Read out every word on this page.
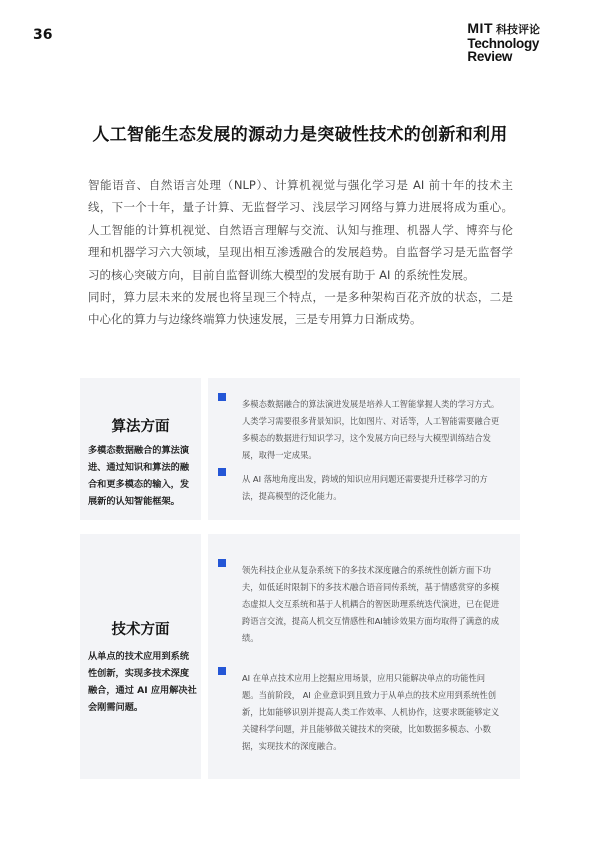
36	MIT 科技评论
Technology
Review
人工智能生态发展的源动力是突破性技术的创新和利用

智能语音、自然语言处理（NLP）、计算机视觉与强化学习是 AI 前十年的技术主线，下一个十年，量子计算、无监督学习、浅层学习网络与算力进展将成为重心。人工智能的计算机视觉、自然语言理解与交流、认知与推理、机器人学、博弈与伦理和机器学习六大领域，呈现出相互渗透融合的发展趋势。自监督学习是无监督学习的核心突破方向，目前自监督训练大模型的发展有助于 AI 的系统性发展。

同时，算力层未来的发展也将呈现三个特点，一是多种架构百花齐放的状态，二是中心化的算力与边缘终端算力快速发展，三是专用算力日渐成势。

算法方面
多模态数据融合的算法演进、通过知识和算法的融合和更多模态的输入，发展新的认知智能框架。
多模态数据融合的算法演进发展是培养人工智能掌握人类的学习方式。人类学习需要很多背景知识，比如图片、对话等，人工智能需要融合更多模态的数据进行知识学习，这个发展方向已经与大模型训练结合发展，取得一定成果。
从 AI 落地角度出发，跨域的知识应用问题还需要提升迁移学习的方法，提高模型的泛化能力。
技术方面
从单点的技术应用到系统性创新，实现多技术深度融合，通过 AI 应用解决社会刚需问题。
领先科技企业从复杂系统下的多技术深度融合的系统性创新方面下功夫，如低延时限制下的多技术融合语音同传系统，基于情感赏穿的多模态虚拟人交互系统和基于人机耦合的智医助理系统迭代演进，已在促进跨语言交流，提高人机交互情感性和AI辅诊效果方面均取得了满意的成绩。
AI 在单点技术应用上挖掘应用场景，应用只能解决单点的功能性问题。当前阶段， AI 企业意识到且致力于从单点的技术应用到系统性创新，比如能够识别并提高人类工作效率、人机协作，这要求既能够定义关键科学问题，并且能够做关键技术的突破，比如数据多模态、小数据，实现技术的深度融合。
